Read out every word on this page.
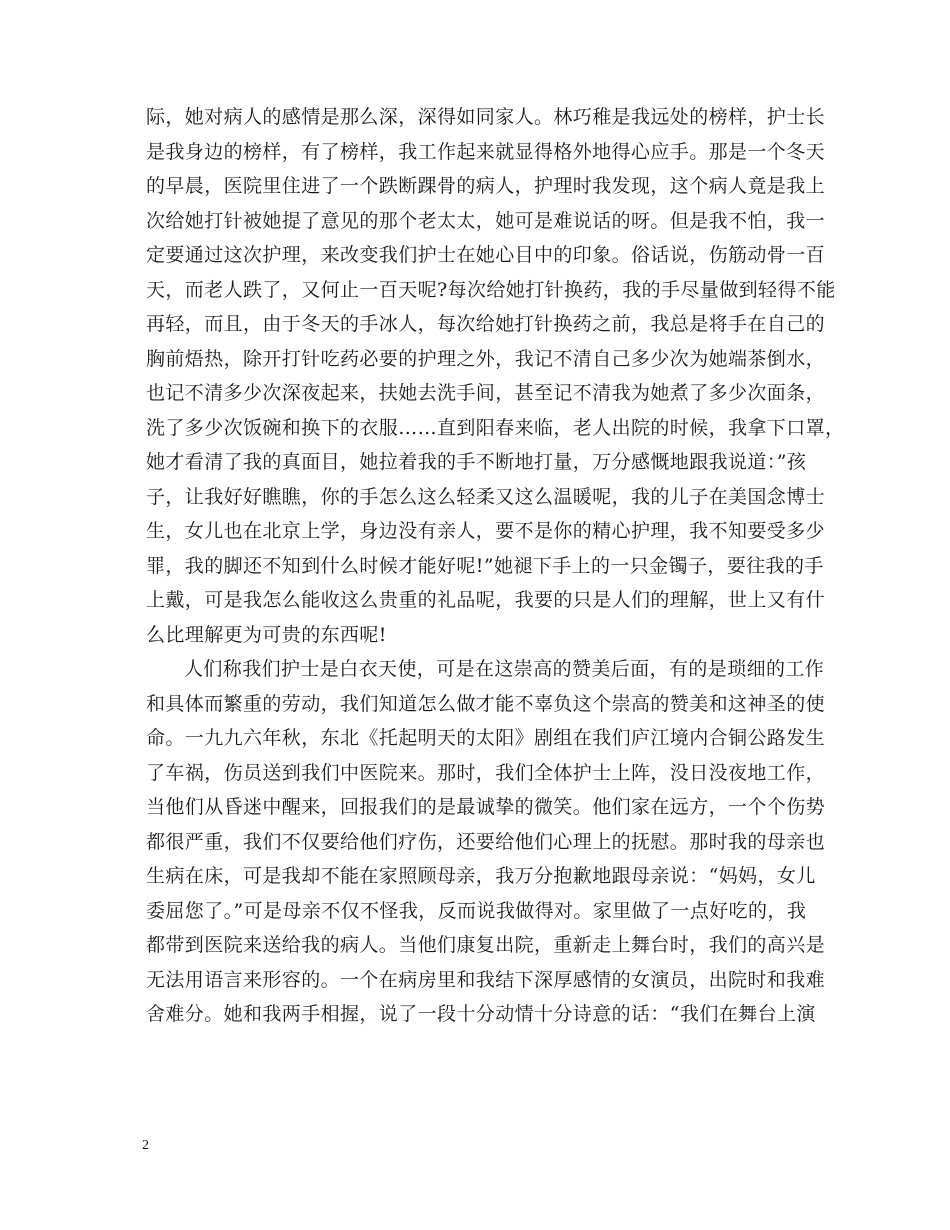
际，她对病人的感情是那么深，深得如同家人。林巧稚是我远处的榜样，护士长
是我身边的榜样，有了榜样，我工作起来就显得格外地得心应手。那是一个冬天
的早晨，医院里住进了一个跌断踝骨的病人，护理时我发现，这个病人竟是我上
次给她打针被她提了意见的那个老太太，她可是难说话的呀。但是我不怕，我一
定要通过这次护理，来改变我们护士在她心目中的印象。俗话说，伤筋动骨一百
天，而老人跌了，又何止一百天呢?每次给她打针换药，我的手尽量做到轻得不能
再轻，而且，由于冬天的手冰人，每次给她打针换药之前，我总是将手在自己的
胸前焐热，除开打针吃药必要的护理之外，我记不清自己多少次为她端茶倒水，
也记不清多少次深夜起来，扶她去洗手间，甚至记不清我为她煮了多少次面条，
洗了多少次饭碗和换下的衣服……直到阳春来临，老人出院的时候，我拿下口罩，
她才看清了我的真面目，她拉着我的手不断地打量，万分感慨地跟我说道：”孩
子，让我好好瞧瞧，你的手怎么这么轻柔又这么温暖呢，我的儿子在美国念博士
生，女儿也在北京上学，身边没有亲人，要不是你的精心护理，我不知要受多少
罪，我的脚还不知到什么时候才能好呢!”她褪下手上的一只金镯子，要往我的手
上戴，可是我怎么能收这么贵重的礼品呢，我要的只是人们的理解，世上又有什
么比理解更为可贵的东西呢!
人们称我们护士是白衣天使，可是在这崇高的赞美后面，有的是琐细的工作
和具体而繁重的劳动，我们知道怎么做才能不辜负这个崇高的赞美和这神圣的使
命。一九九六年秋，东北《托起明天的太阳》剧组在我们庐江境内合铜公路发生
了车祸，伤员送到我们中医院来。那时，我们全体护士上阵，没日没夜地工作，
当他们从昏迷中醒来，回报我们的是最诚挚的微笑。他们家在远方，一个个伤势
都很严重，我们不仅要给他们疗伤，还要给他们心理上的抚慰。那时我的母亲也
生病在床，可是我却不能在家照顾母亲，我万分抱歉地跟母亲说：“妈妈，女儿
委屈您了。”可是母亲不仅不怪我，反而说我做得对。家里做了一点好吃的，我
都带到医院来送给我的病人。当他们康复出院，重新走上舞台时，我们的高兴是
无法用语言来形容的。一个在病房里和我结下深厚感情的女演员，出院时和我难
舍难分。她和我两手相握，说了一段十分动情十分诗意的话：“我们在舞台上演
2
